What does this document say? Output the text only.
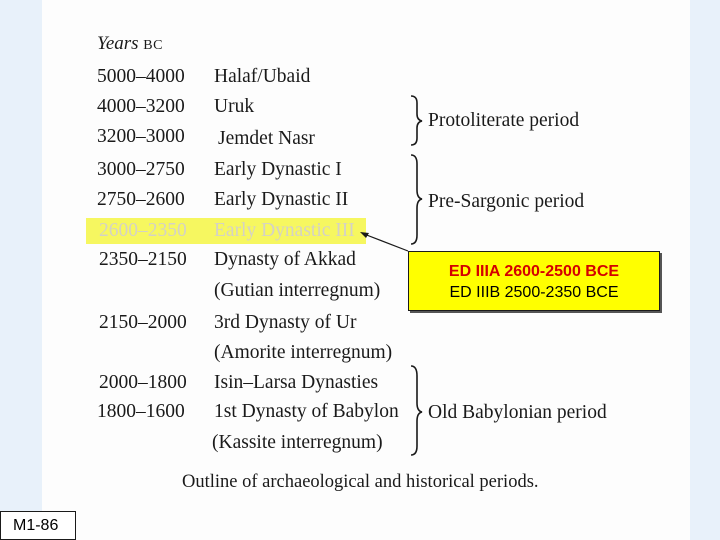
Years BC
5000–4000 Halaf/Ubaid
4000–3200 Uruk
3200–3000 Jemdet Nasr
3000–2750 Early Dynastic I
2750–2600 Early Dynastic II
2600–2350 Early Dynastic III
2350–2150 Dynasty of Akkad
(Gutian interregnum)
2150–2000 3rd Dynasty of Ur
(Amorite interregnum)
2000–1800 Isin–Larsa Dynasties
1800–1600 1st Dynasty of Babylon
(Kassite interregnum)
Protoliterate period
Pre-Sargonic period
Old Babylonian period
Outline of archaeological and historical periods.
ED IIIA 2600-2500 BCE
ED IIIB 2500-2350 BCE
M1-86
